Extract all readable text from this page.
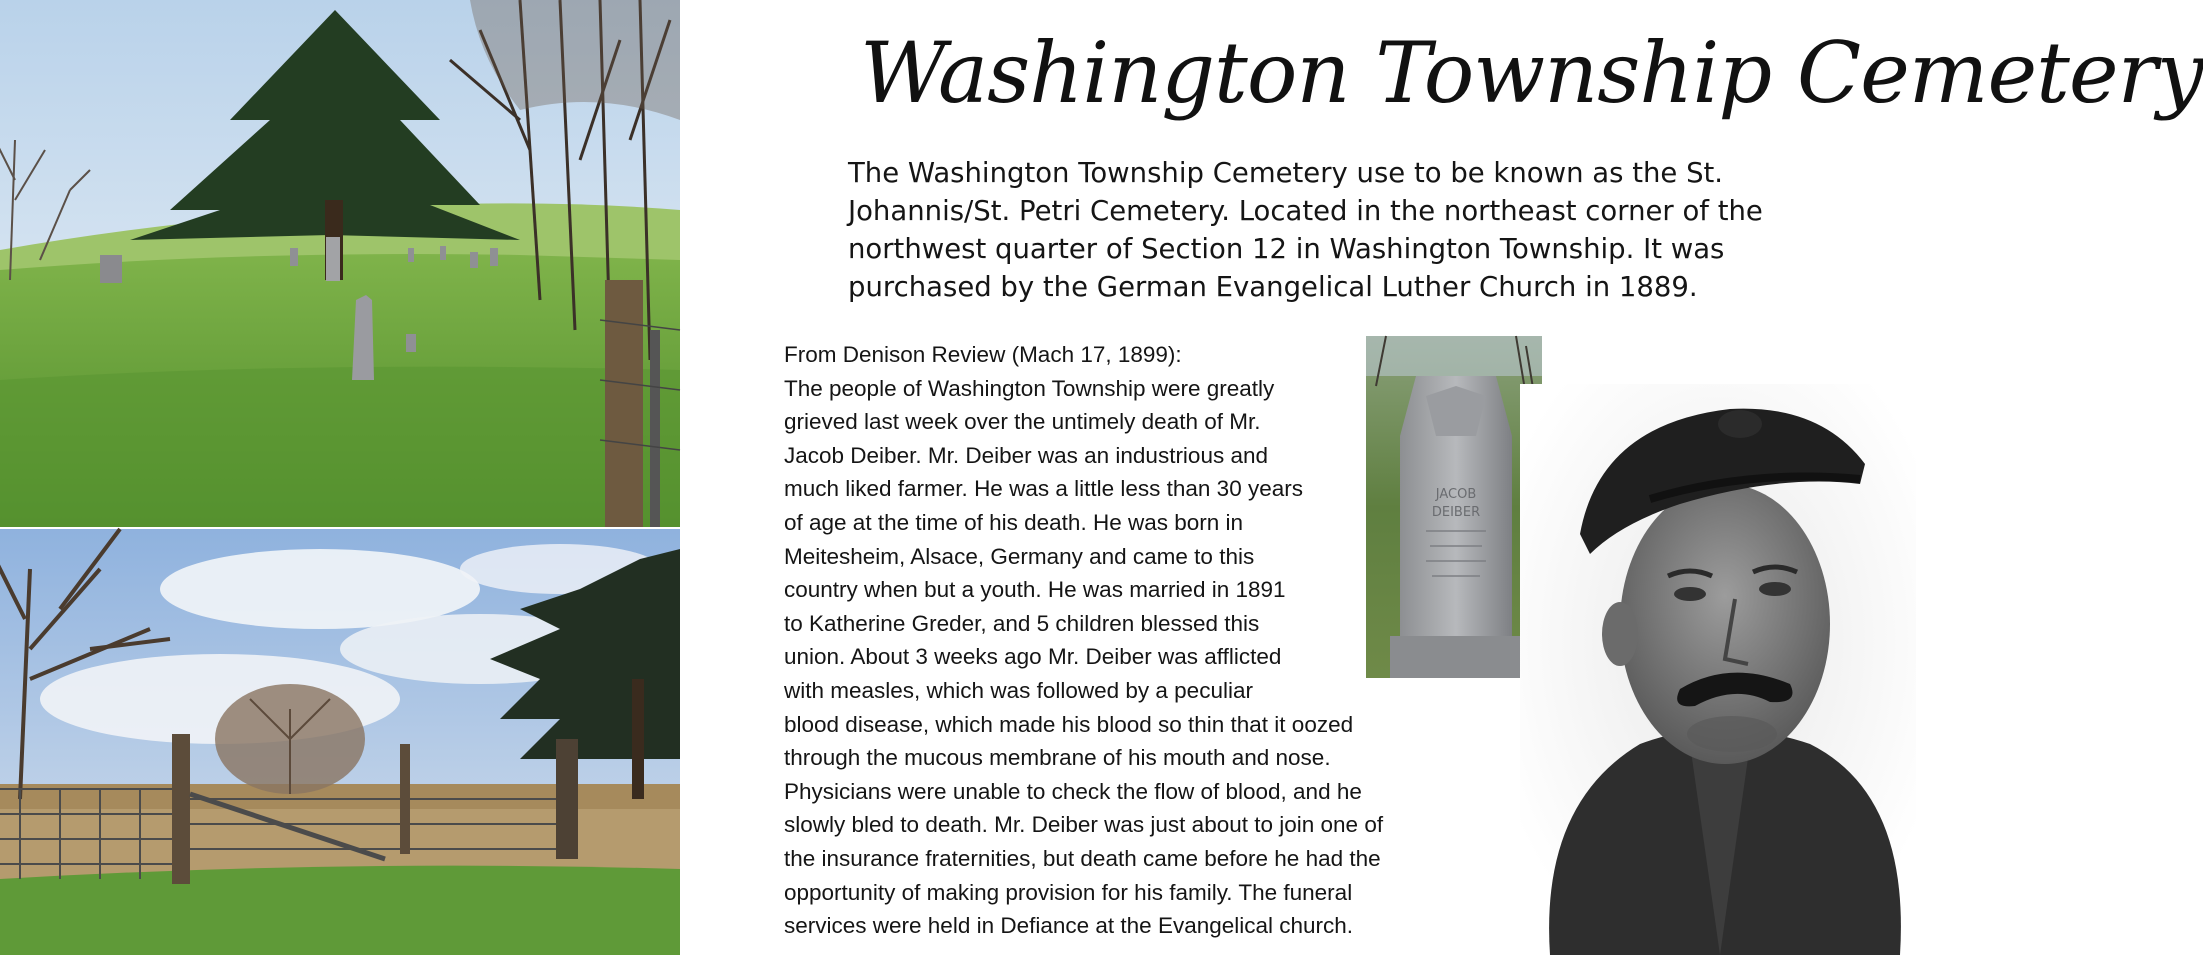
Washington Township Cemetery
The Washington Township Cemetery use to be known as the St. Johannis/St. Petri Cemetery. Located in the northeast corner of the northwest quarter of Section 12 in Washington Township. It was purchased by the German Evangelical Luther Church in 1889.
From Denison Review (Mach 17, 1899):
The people of Washington Township were greatly
grieved last week over the untimely death of Mr.
Jacob Deiber. Mr. Deiber was an industrious and
much liked farmer. He was a little less than 30 years
of age at the time of his death. He was born in
Meitesheim, Alsace, Germany and came to this
country when but a youth. He was married in 1891
to Katherine Greder, and 5 children blessed this
union. About 3 weeks ago Mr. Deiber was afflicted
with measles, which was followed by a peculiar
blood disease, which made his blood so thin that it oozed
through the mucous membrane of his mouth and nose.
Physicians were unable to check the flow of blood, and he
slowly bled to death. Mr. Deiber was just about to join one of
the insurance fraternities, but death came before he had the
opportunity of making provision for his family. The funeral
services were held in Defiance at the Evangelical church.
JACOB
DEIBER
